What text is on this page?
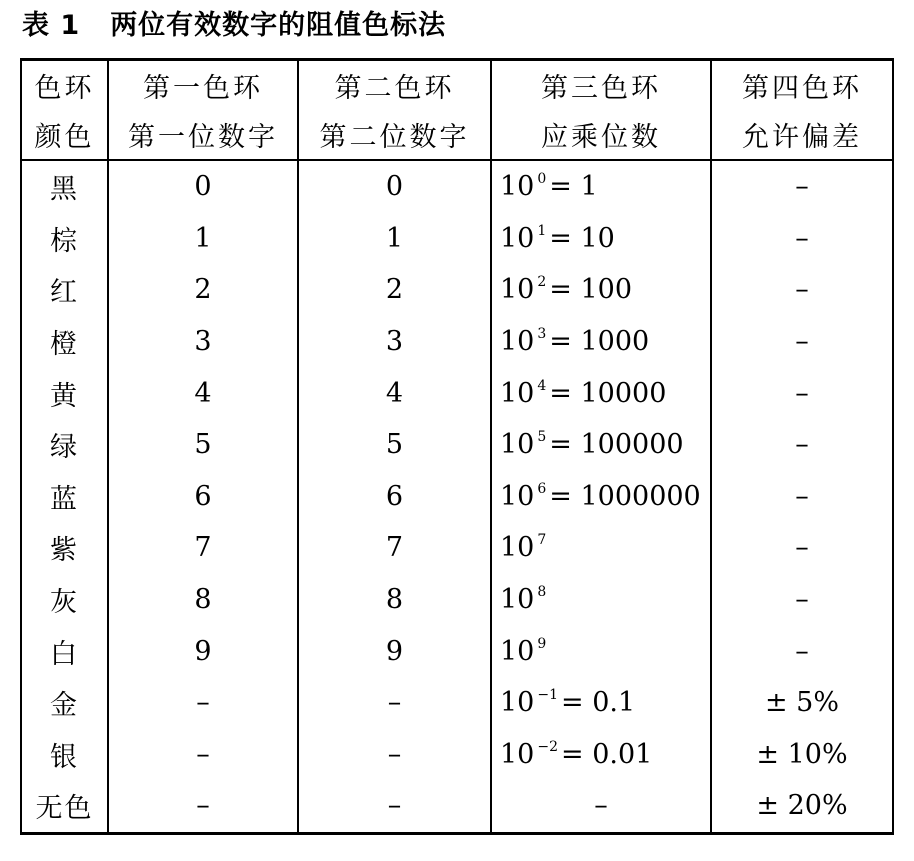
表 1 两位有效数字的阻值色标法
色环	第一色环	第二色环	第三色环	第四色环
颜色	第一位数字	第二位数字	应乘位数	允许偏差
黑	0	0	10 $^0$ = 1	–
棕	1	1	10 $^1$ = 10	–
红	2	2	10 $^2$ = 100	–
橙	3	3	10 $^3$ = 1000	–
黄	4	4	10 $^4$ = 10000	–
绿	5	5	10 $^5$ = 100000	–
蓝	6	6	10 $^6$ = 1000000	–
紫	7	7	10 $^7$	–
灰	8	8	10 $^8$	–
白	9	9	10 $^9$	–
金	–	–	10 $^{-1}$ = 0.1	± 5%
银	–	–	10 $^{-2}$ = 0.01	± 10%
无色	–	–	–	± 20%
